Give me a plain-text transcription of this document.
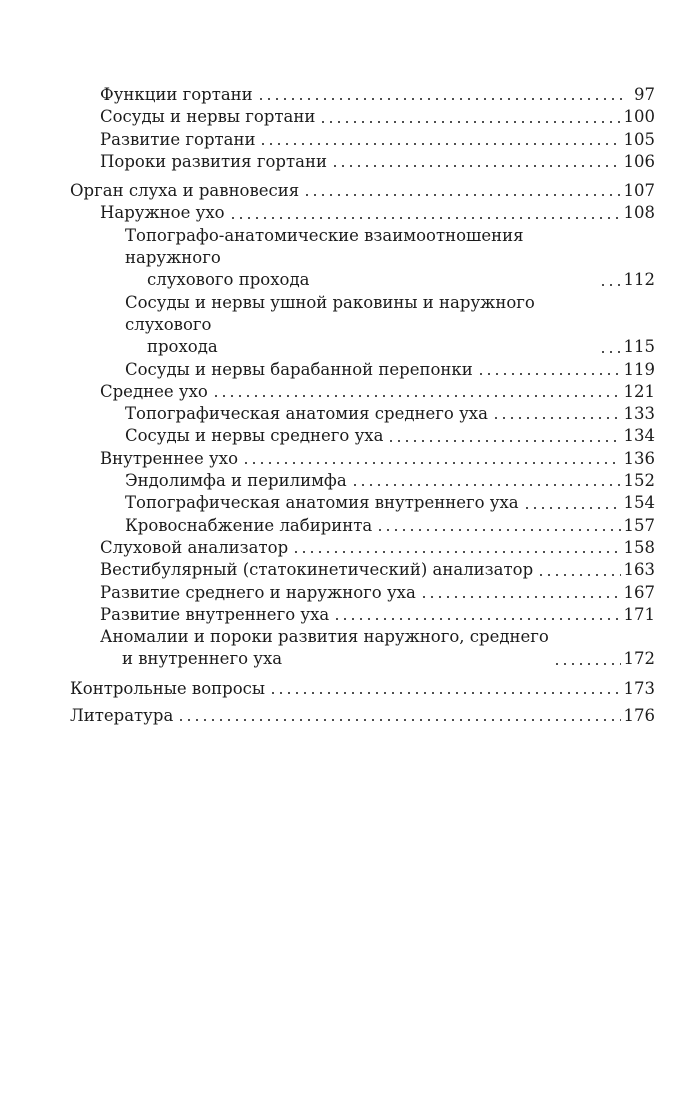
Функции гортани	97
Сосуды и нервы гортани	100
Развитие гортани	105
Пороки развития гортани	106
Орган слуха и равновесия	107
Наружное ухо	108
Топографо-анатомические взаимоотношения наружного
слухового прохода	112
Сосуды и нервы ушной раковины и наружного слухового
прохода	115
Сосуды и нервы барабанной перепонки	119
Среднее ухо	121
Топографическая анатомия среднего уха	133
Сосуды и нервы среднего уха	134
Внутреннее ухо	136
Эндолимфа и перилимфа	152
Топографическая анатомия внутреннего уха	154
Кровоснабжение лабиринта	157
Слуховой анализатор	158
Вестибулярный (статокинетический) анализатор	163
Развитие среднего и наружного уха	167
Развитие внутреннего уха	171
Аномалии и пороки развития наружного, среднего
и внутреннего уха	172
Контрольные вопросы	173
Литература	176
